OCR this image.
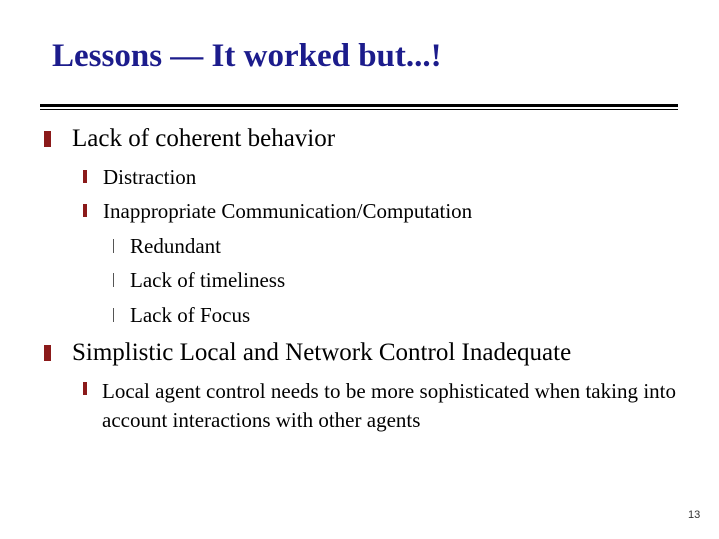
Lessons — It worked but...!
Lack of coherent behavior
Distraction
Inappropriate Communication/Computation
Redundant
Lack of timeliness
Lack of Focus
Simplistic Local and Network Control Inadequate
Local agent control needs to be more sophisticated when taking into account interactions with other agents
13
